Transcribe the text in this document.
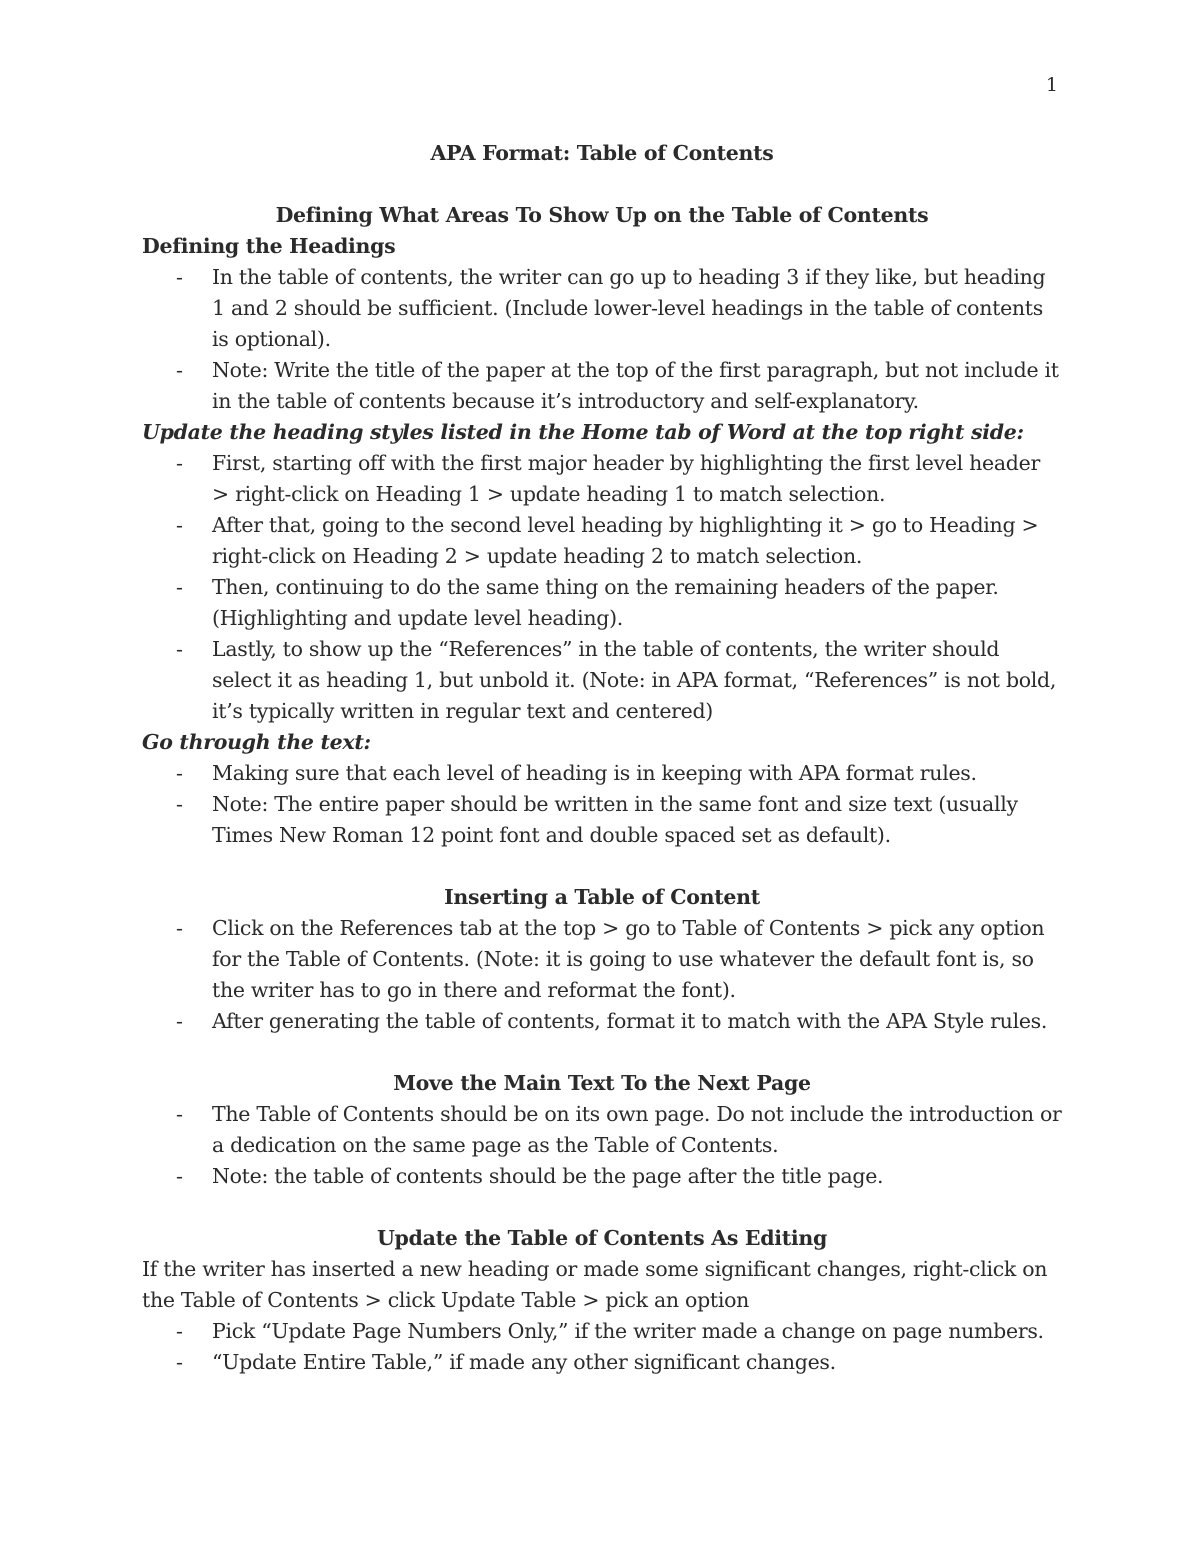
1

APA Format: Table of Contents

Defining What Areas To Show Up on the Table of Contents

Defining the Headings

- In the table of contents, the writer can go up to heading 3 if they like, but heading 1 and 2 should be sufficient. (Include lower-level headings in the table of contents is optional).
- Note: Write the title of the paper at the top of the first paragraph, but not include it in the table of contents because it’s introductory and self-explanatory.

Update the heading styles listed in the Home tab of Word at the top right side:

- First, starting off with the first major header by highlighting the first level header > right-click on Heading 1 > update heading 1 to match selection.
- After that, going to the second level heading by highlighting it > go to Heading > right-click on Heading 2 > update heading 2 to match selection.
- Then, continuing to do the same thing on the remaining headers of the paper. (Highlighting and update level heading).
- Lastly, to show up the “References” in the table of contents, the writer should select it as heading 1, but unbold it. (Note: in APA format, “References” is not bold, it’s typically written in regular text and centered)

Go through the text:

- Making sure that each level of heading is in keeping with APA format rules.
- Note: The entire paper should be written in the same font and size text (usually Times New Roman 12 point font and double spaced set as default).

Inserting a Table of Content

- Click on the References tab at the top > go to Table of Contents > pick any option for the Table of Contents. (Note: it is going to use whatever the default font is, so the writer has to go in there and reformat the font).
- After generating the table of contents, format it to match with the APA Style rules.

Move the Main Text To the Next Page

- The Table of Contents should be on its own page. Do not include the introduction or a dedication on the same page as the Table of Contents.
- Note: the table of contents should be the page after the title page.

Update the Table of Contents As Editing

If the writer has inserted a new heading or made some significant changes, right-click on the Table of Contents > click Update Table > pick an option

- Pick “Update Page Numbers Only,” if the writer made a change on page numbers.
- “Update Entire Table,” if made any other significant changes.
